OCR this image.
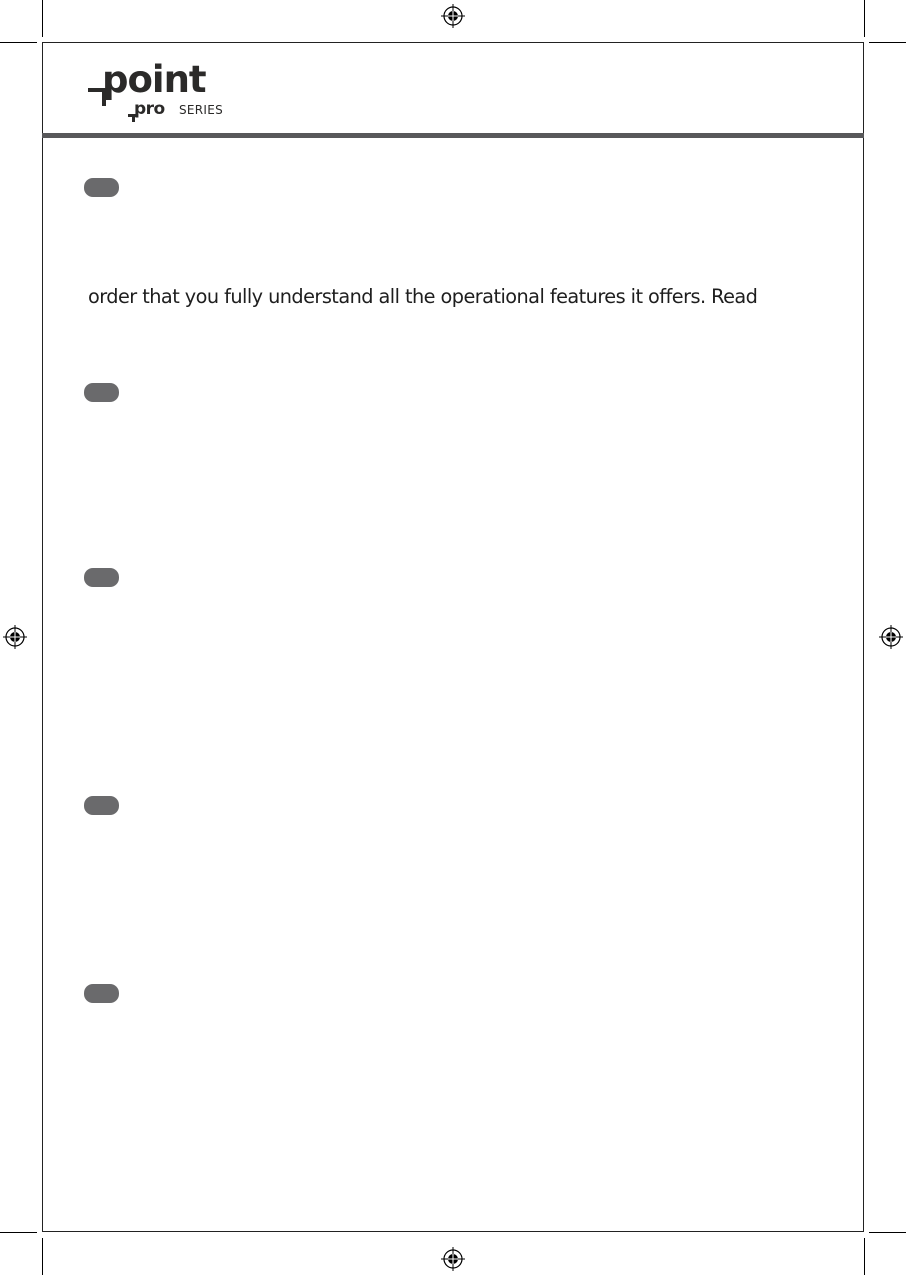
point
pro SERIES
order that you fully understand all the operational features it offers. Read
